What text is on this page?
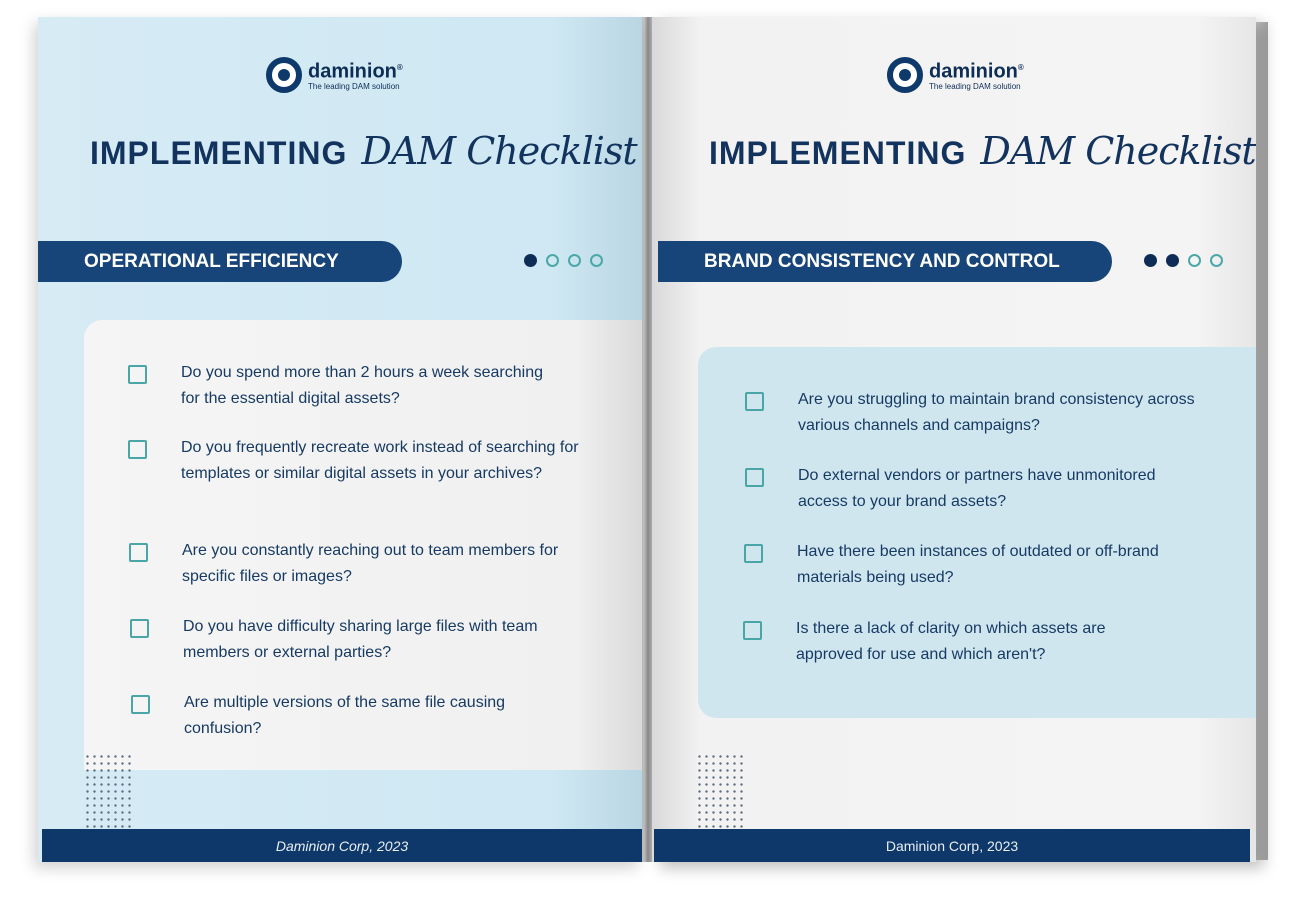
daminion®
The leading DAM solution
IMPLEMENTING DAM Checklist
OPERATIONAL EFFICIENCY
Do you spend more than 2 hours a week searching for the essential digital assets?
Do you frequently recreate work instead of searching for templates or similar digital assets in your archives?
Are you constantly reaching out to team members for specific files or images?
Do you have difficulty sharing large files with team members or external parties?
Are multiple versions of the same file causing confusion?
Daminion Corp, 2023
daminion®
The leading DAM solution
IMPLEMENTING DAM Checklist
BRAND CONSISTENCY AND CONTROL
Are you struggling to maintain brand consistency across various channels and campaigns?
Do external vendors or partners have unmonitored access to your brand assets?
Have there been instances of outdated or off-brand materials being used?
Is there a lack of clarity on which assets are approved for use and which aren't?
Daminion Corp, 2023
